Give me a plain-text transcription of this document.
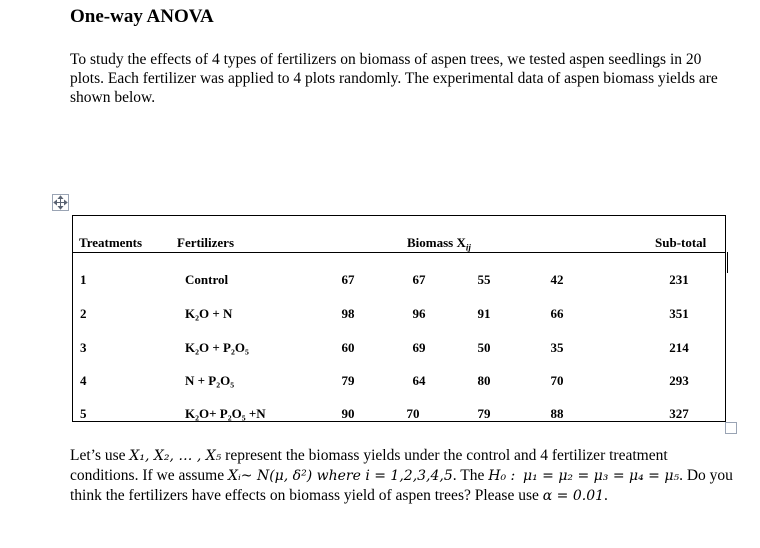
One-way ANOVA
To study the effects of 4 types of fertilizers on biomass of aspen trees, we tested aspen seedlings in 20 plots. Each fertilizer was applied to 4 plots randomly. The experimental data of aspen biomass yields are shown below.
Treatments	Fertilizers	Biomass $X_{ij}$	Sub-total
1	Control	67	67	55	42	231
2	K₂O + N	98	96	91	66	351
3	K₂O + P₂O₅	60	69	50	35	214
4	N + P₂O₅	79	64	80	70	293
5	K₂O+ P₂O₅ +N	90	70	79	88	327
Let’s use X₁, X₂, … , X₅ represent the biomass yields under the control and 4 fertilizer treatment conditions. If we assume Xᵢ~ N(μ, δ²) where i = 1,2,3,4,5. The H₀ : μ₁ = μ₂ = μ₃ = μ₄ = μ₅. Do you think the fertilizers have effects on biomass yield of aspen trees? Please use α = 0.01.
